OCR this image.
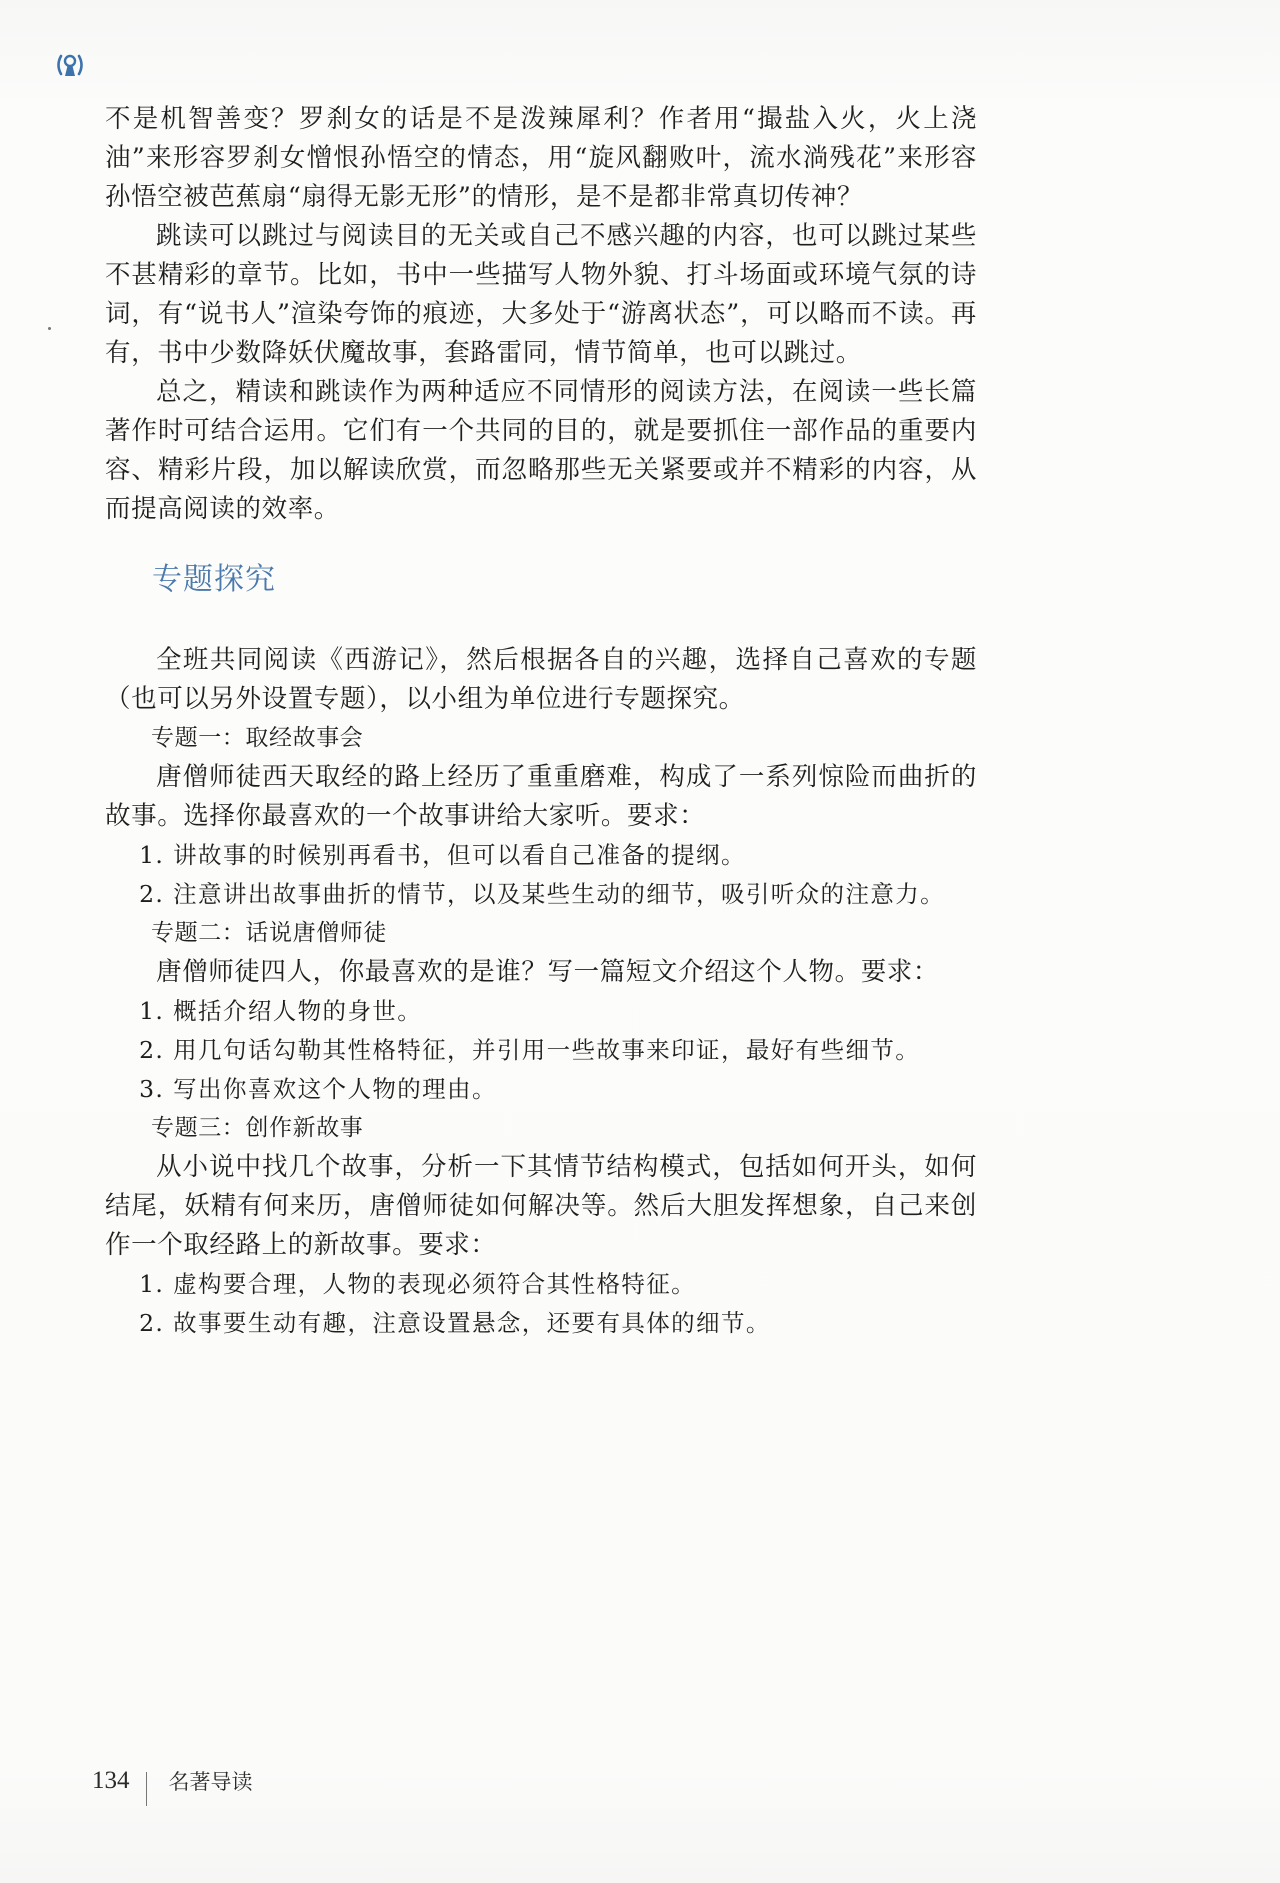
不是机智善变？罗刹女的话是不是泼辣犀利？作者用“撮盐入火，火上浇油”来形容罗刹女憎恨孙悟空的情态，用“旋风翻败叶，流水淌残花”来形容孙悟空被芭蕉扇“扇得无影无形”的情形，是不是都非常真切传神？

跳读可以跳过与阅读目的无关或自己不感兴趣的内容，也可以跳过某些不甚精彩的章节。比如，书中一些描写人物外貌、打斗场面或环境气氛的诗词，有“说书人”渲染夸饰的痕迹，大多处于“游离状态”，可以略而不读。再有，书中少数降妖伏魔故事，套路雷同，情节简单，也可以跳过。

总之，精读和跳读作为两种适应不同情形的阅读方法，在阅读一些长篇著作时可结合运用。它们有一个共同的目的，就是要抓住一部作品的重要内容、精彩片段，加以解读欣赏，而忽略那些无关紧要或并不精彩的内容，从而提高阅读的效率。

专题探究

全班共同阅读《西游记》，然后根据各自的兴趣，选择自己喜欢的专题（也可以另外设置专题），以小组为单位进行专题探究。

专题一：取经故事会

唐僧师徒西天取经的路上经历了重重磨难，构成了一系列惊险而曲折的故事。选择你最喜欢的一个故事讲给大家听。要求：

1. 讲故事的时候别再看书，但可以看自己准备的提纲。

2. 注意讲出故事曲折的情节，以及某些生动的细节，吸引听众的注意力。

专题二：话说唐僧师徒

唐僧师徒四人，你最喜欢的是谁？写一篇短文介绍这个人物。要求：

1. 概括介绍人物的身世。

2. 用几句话勾勒其性格特征，并引用一些故事来印证，最好有些细节。

3. 写出你喜欢这个人物的理由。

专题三：创作新故事

从小说中找几个故事，分析一下其情节结构模式，包括如何开头，如何结尾，妖精有何来历，唐僧师徒如何解决等。然后大胆发挥想象，自己来创作一个取经路上的新故事。要求：

1. 虚构要合理，人物的表现必须符合其性格特征。

2. 故事要生动有趣，注意设置悬念，还要有具体的细节。

134 名著导读
